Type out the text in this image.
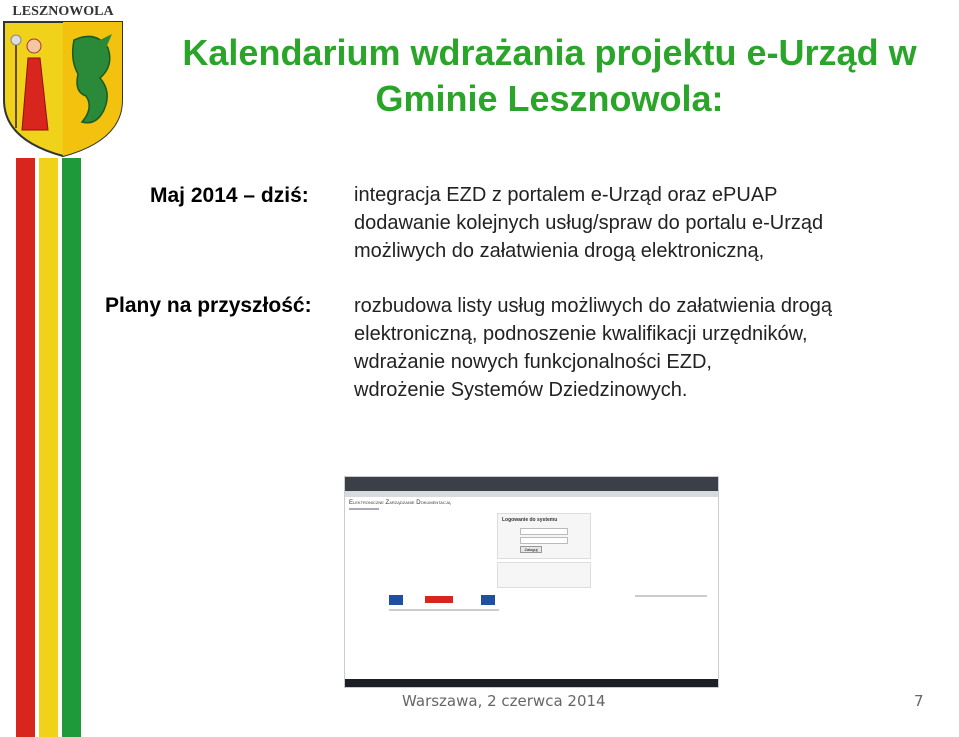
LESZNOWOLA
Kalendarium wdrażania projektu e-Urząd w
Gminie Lesznowola:
Maj 2014 – dziś: integracja EZD z portalem e-Urząd oraz ePUAP
dodawanie kolejnych usług/spraw do portalu e-Urząd
możliwych do załatwienia drogą elektroniczną,
Plany na przyszłość: rozbudowa listy usług możliwych do załatwienia drogą
elektroniczną, podnoszenie kwalifikacji urzędników,
wdrażanie nowych funkcjonalności EZD,
wdrożenie Systemów Dziedzinowych.
Elektroniczne Zarządzanie Dokumentacją
Logowanie do systemu
Zaloguj
Warszawa, 2 czerwca 2014	7
